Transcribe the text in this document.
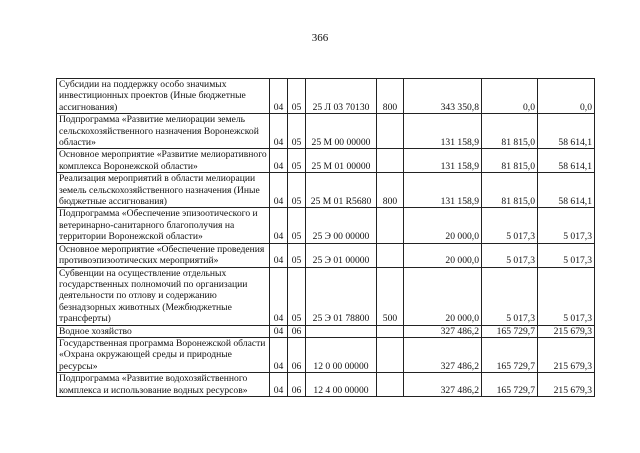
366
Субсидии на поддержку особо значимых инвестиционных проектов (Иные бюджетные ассигнования)	04	05	25 Л 03 70130	800	343 350,8	0,0	0,0
Подпрограмма «Развитие мелиорации земель сельскохозяйственного назначения Воронежской области»	04	05	25 М 00 00000		131 158,9	81 815,0	58 614,1
Основное мероприятие «Развитие мелиоративного комплекса Воронежской области»	04	05	25 М 01 00000		131 158,9	81 815,0	58 614,1
Реализация мероприятий в области мелиорации земель сельскохозяйственного назначения (Иные бюджетные ассигнования)	04	05	25 М 01 R5680	800	131 158,9	81 815,0	58 614,1
Подпрограмма «Обеспечение эпизоотического и ветеринарно-санитарного благополучия на территории Воронежской области»	04	05	25 Э 00 00000		20 000,0	5 017,3	5 017,3
Основное мероприятие «Обеспечение проведения противоэпизоотических мероприятий»	04	05	25 Э 01 00000		20 000,0	5 017,3	5 017,3
Субвенции на осуществление отдельных государственных полномочий по организации деятельности по отлову и содержанию безнадзорных животных (Межбюджетные трансферты)	04	05	25 Э 01 78800	500	20 000,0	5 017,3	5 017,3
Водное хозяйство	04	06			327 486,2	165 729,7	215 679,3
Государственная программа Воронежской области «Охрана окружающей среды и природные ресурсы»	04	06	12 0 00 00000		327 486,2	165 729,7	215 679,3
Подпрограмма «Развитие водохозяйственного комплекса и использование водных ресурсов»	04	06	12 4 00 00000		327 486,2	165 729,7	215 679,3
